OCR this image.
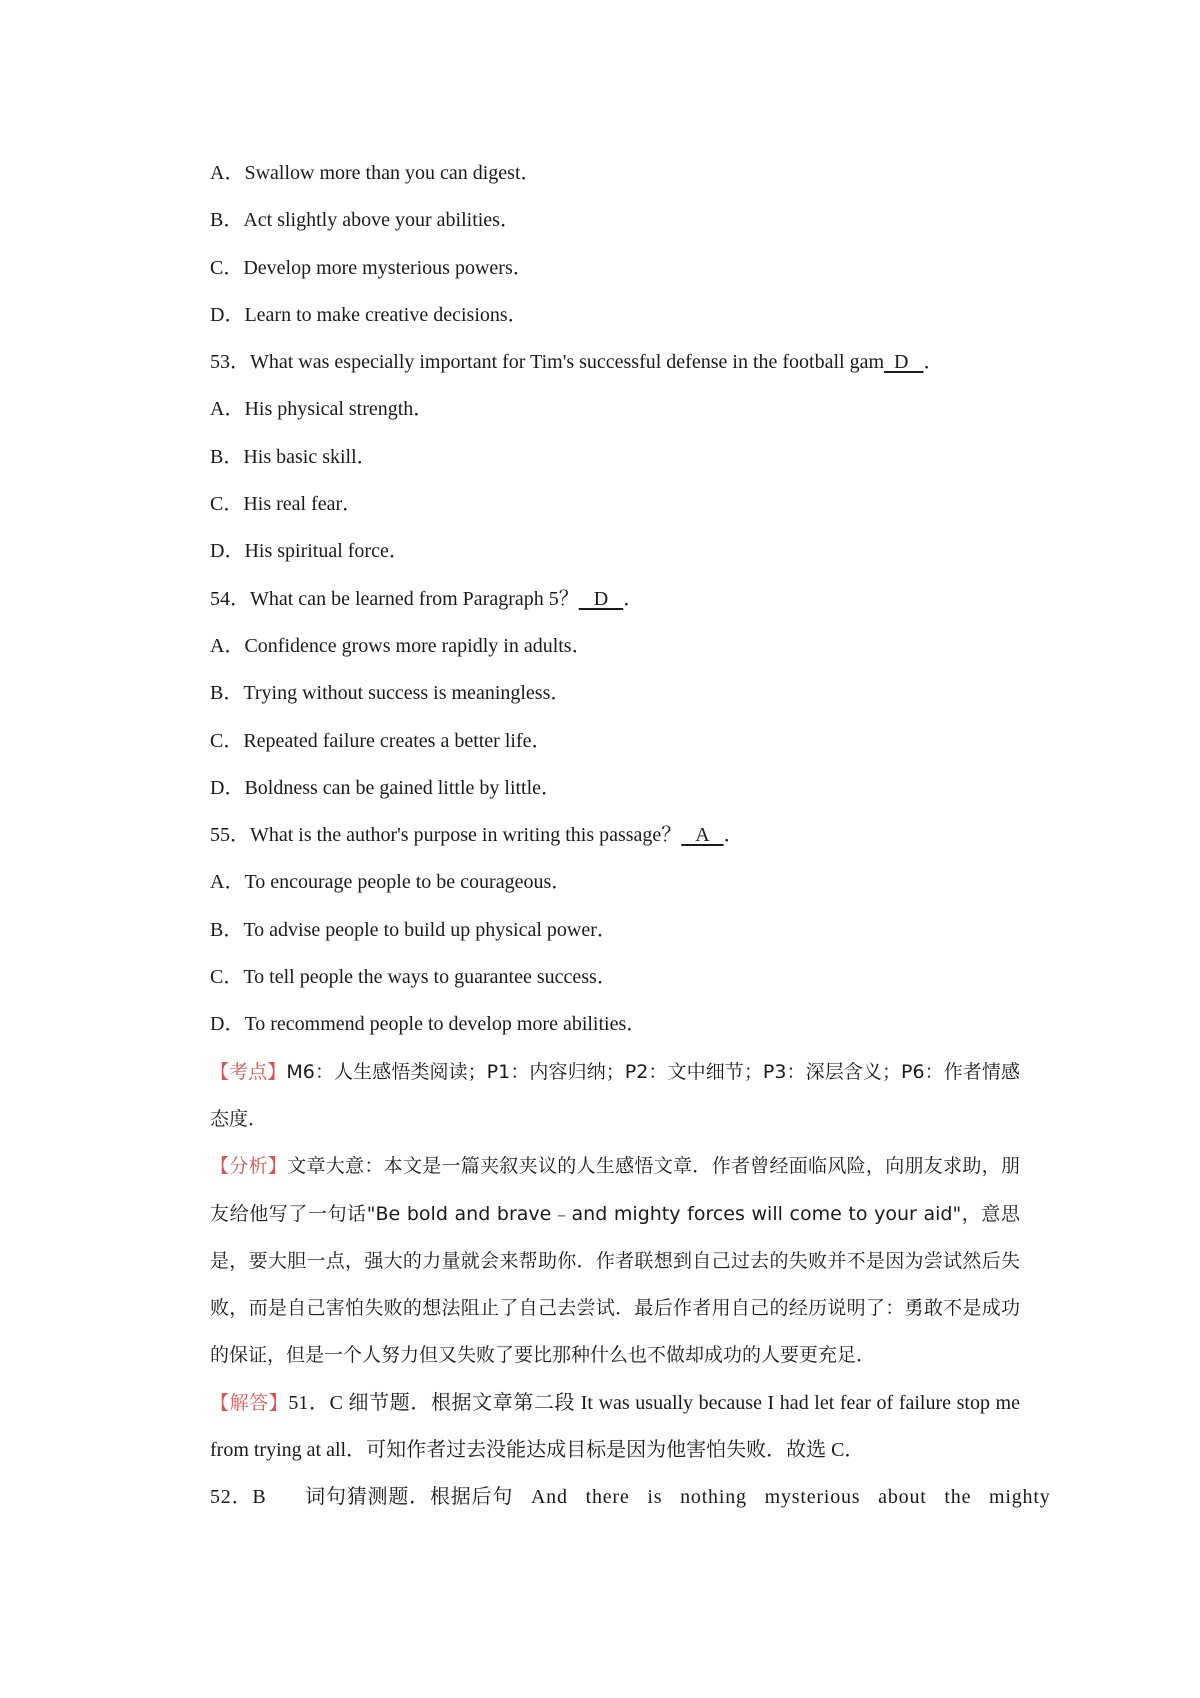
A．Swallow more than you can digest．
B．Act slightly above your abilities．
C．Develop more mysterious powers．
D．Learn to make creative decisions．
53．What was especially important for Tim's successful defense in the football gam  D   ．
A．His physical strength．
B．His basic skill．
C．His real fear．
D．His spiritual force．
54．What can be learned from Paragraph 5？   D   ．
A．Confidence grows more rapidly in adults．
B．Trying without success is meaningless．
C．Repeated failure creates a better life．
D．Boldness can be gained little by little．
55．What is the author's purpose in writing this passage？   A   ．
A．To encourage people to be courageous．
B．To advise people to build up physical power．
C．To tell people the ways to guarantee success．
D．To recommend people to develop more abilities．
【考点】M6：人生感悟类阅读；P1：内容归纳；P2：文中细节；P3：深层含义；P6：作者情感态度．
【分析】文章大意：本文是一篇夹叙夹议的人生感悟文章．作者曾经面临风险，向朋友求助，朋友给他写了一句话"Be bold and brave﹣and mighty forces will come to your aid"，意思是，要大胆一点，强大的力量就会来帮助你．作者联想到自己过去的失败并不是因为尝试然后失败，而是自己害怕失败的想法阻止了自己去尝试．最后作者用自己的经历说明了：勇敢不是成功的保证，但是一个人努力但又失败了要比那种什么也不做却成功的人要更充足．
【解答】51．C 细节题．根据文章第二段 It was usually because I had let fear of failure stop me from trying at all．可知作者过去没能达成目标是因为他害怕失败．故选 C．
52．B　 词句猜测题．根据后句 And there is nothing mysterious about the mighty
